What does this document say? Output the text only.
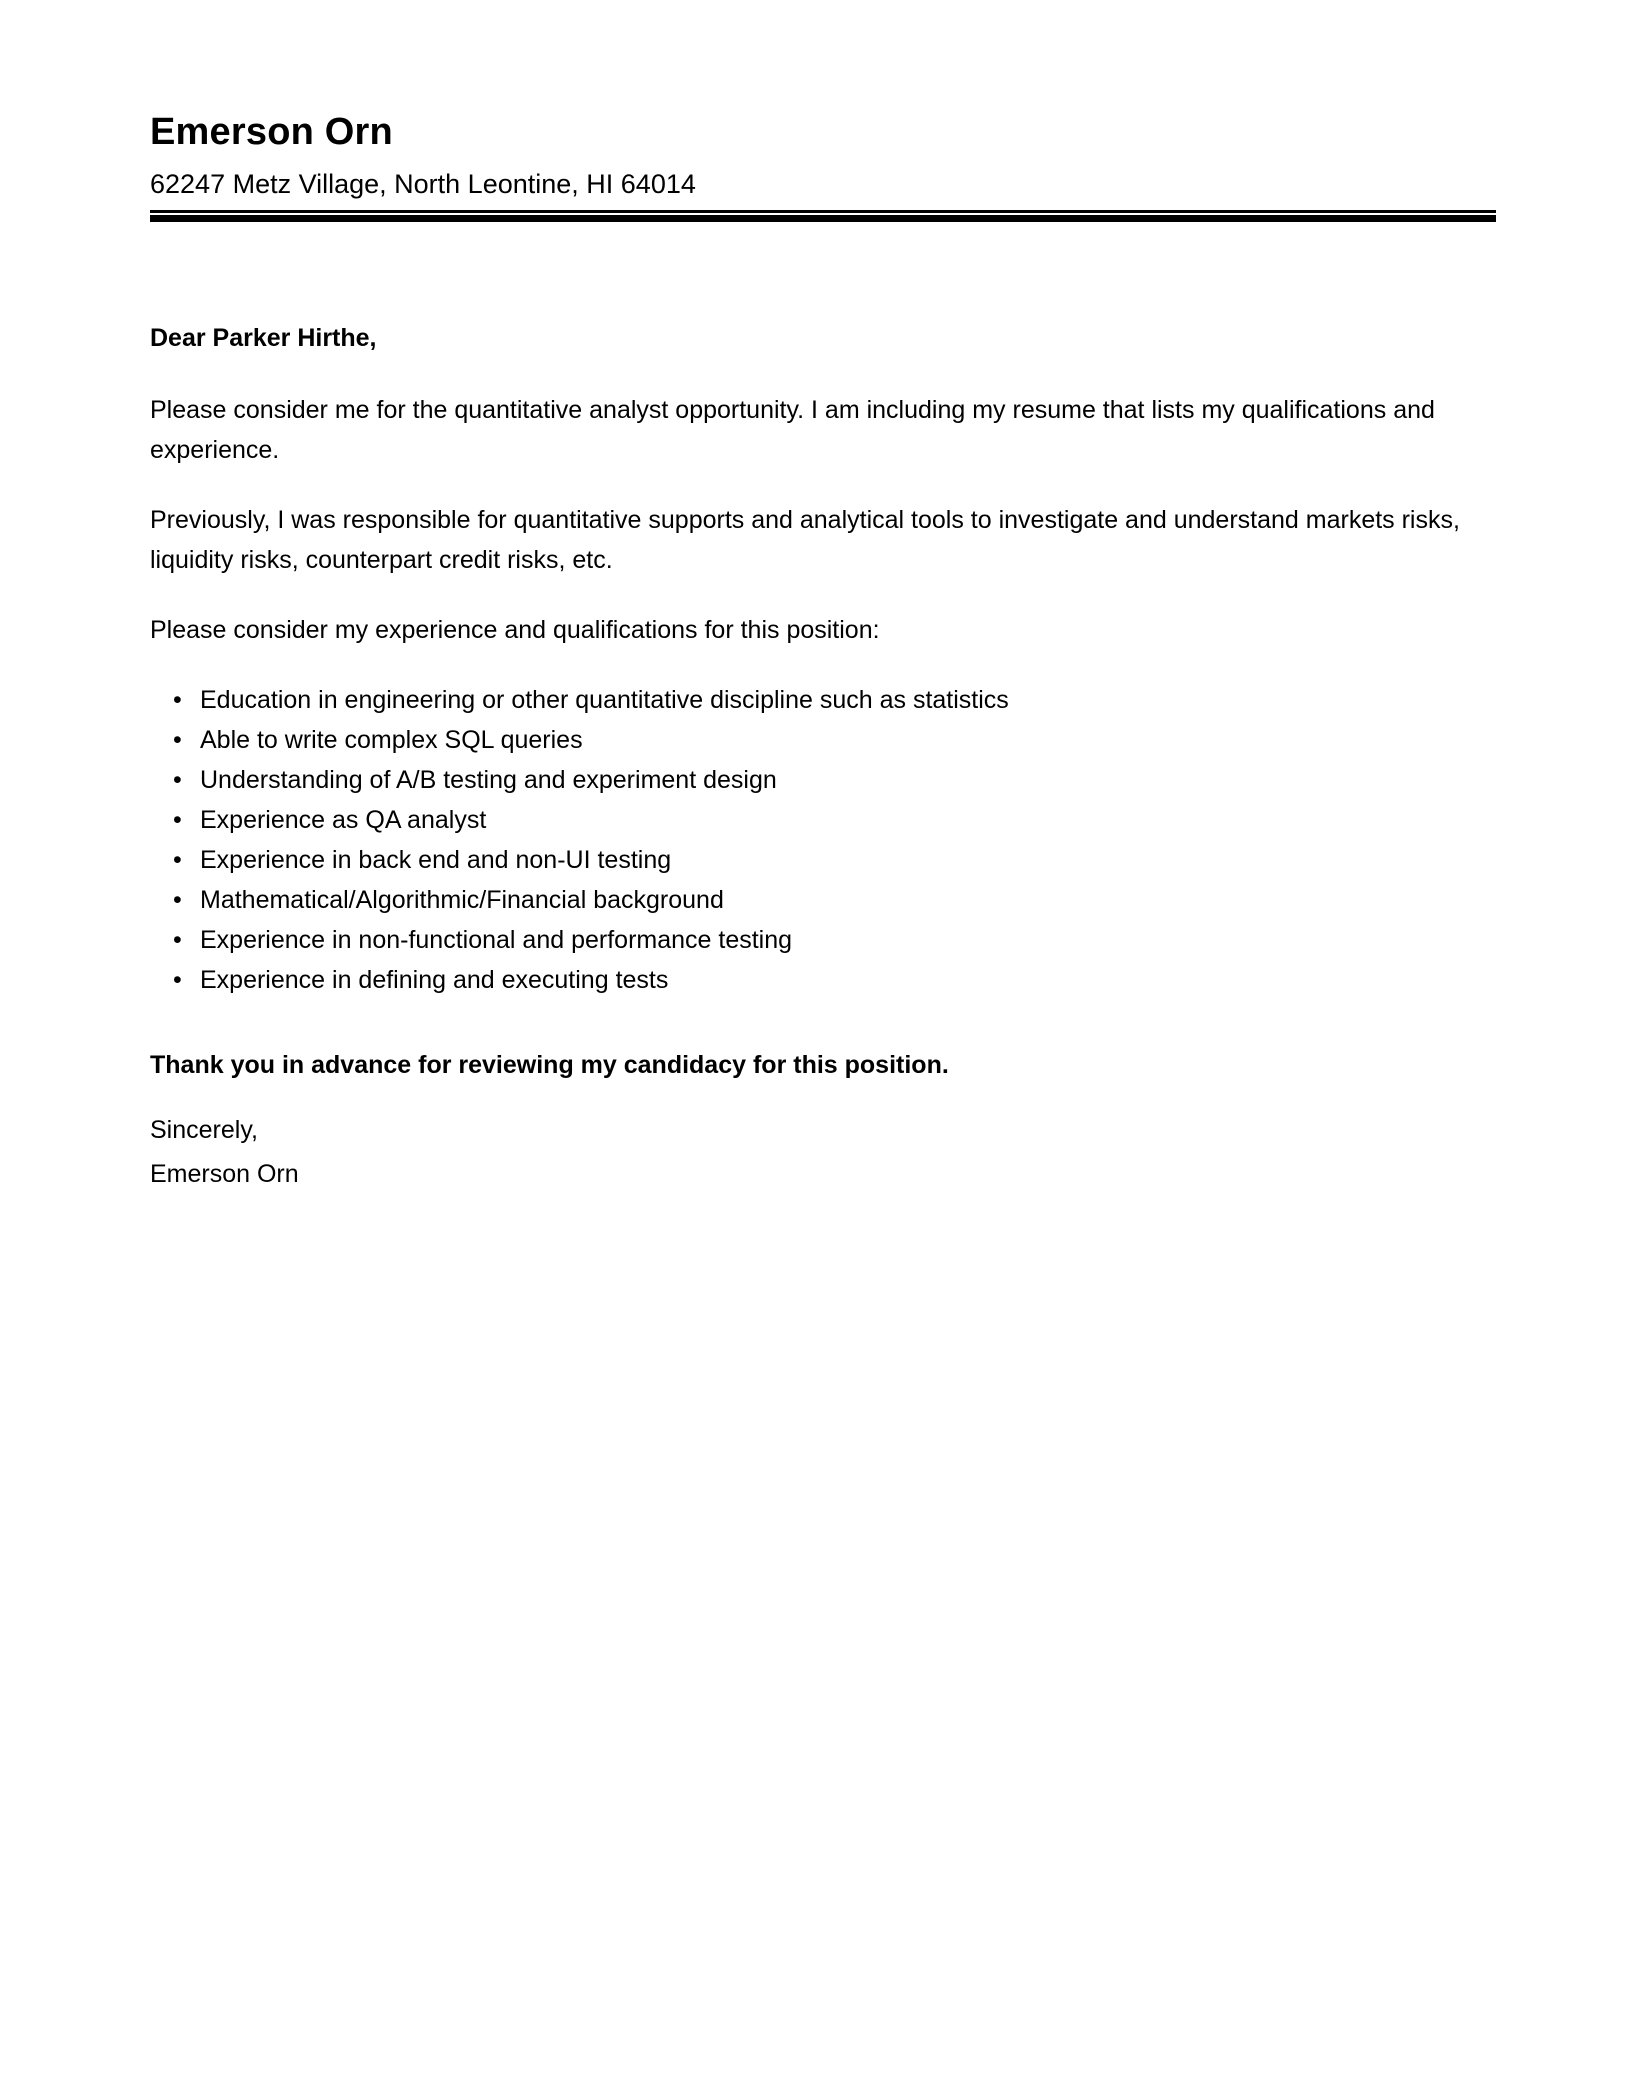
Emerson Orn

62247 Metz Village, North Leontine, HI 64014

Dear Parker Hirthe,

Please consider me for the quantitative analyst opportunity. I am including my resume that lists my qualifications and experience.

Previously, I was responsible for quantitative supports and analytical tools to investigate and understand markets risks, liquidity risks, counterpart credit risks, etc.

Please consider my experience and qualifications for this position:

• Education in engineering or other quantitative discipline such as statistics
• Able to write complex SQL queries
• Understanding of A/B testing and experiment design
• Experience as QA analyst
• Experience in back end and non-UI testing
• Mathematical/Algorithmic/Financial background
• Experience in non-functional and performance testing
• Experience in defining and executing tests

Thank you in advance for reviewing my candidacy for this position.

Sincerely,

Emerson Orn
